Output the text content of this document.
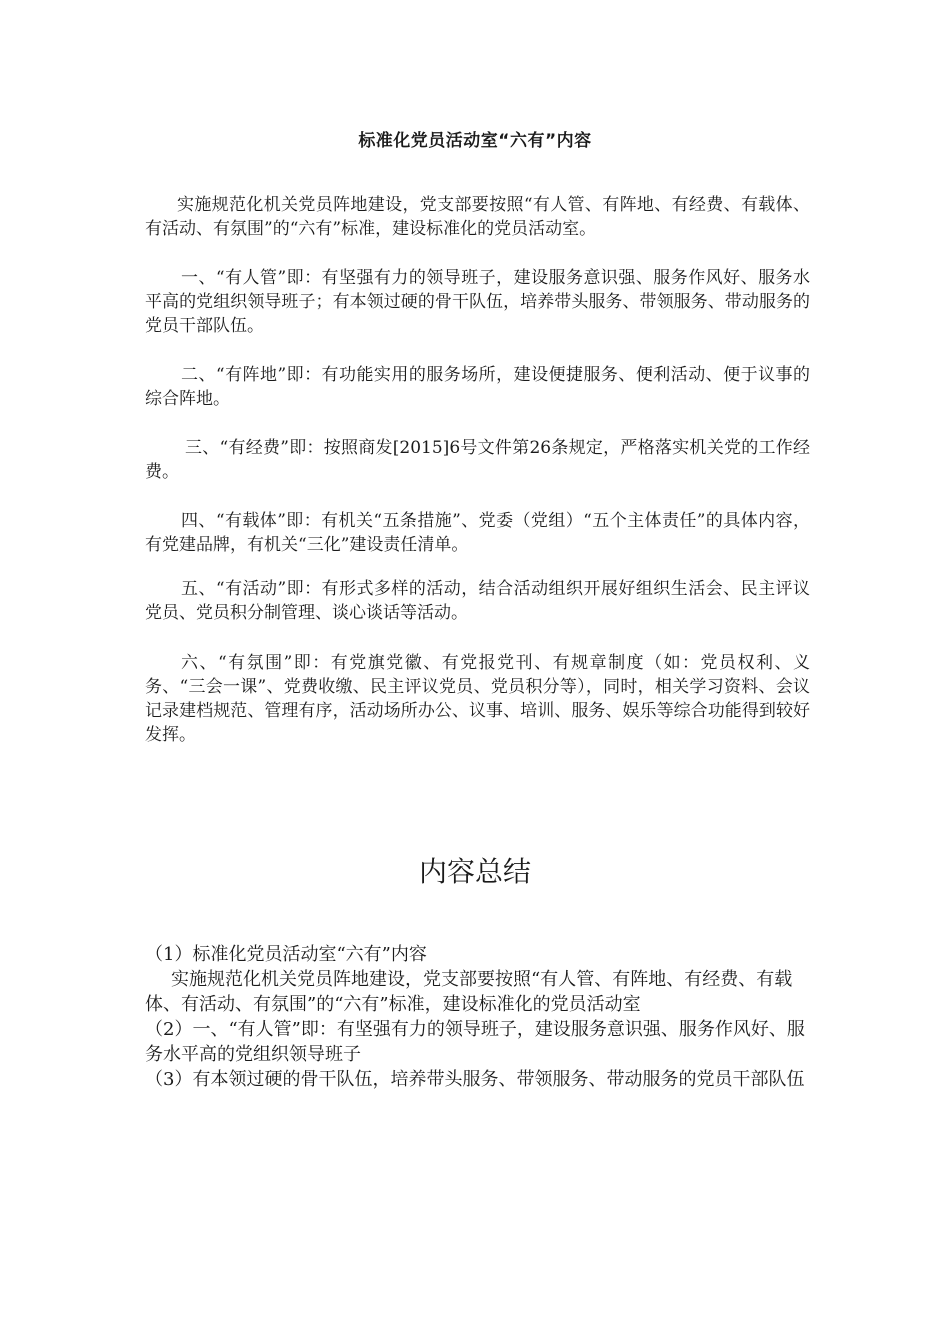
标准化党员活动室“六有”内容

实施规范化机关党员阵地建设，党支部要按照“有人管、有阵地、有经费、有载体、有活动、有氛围”的“六有”标准，建设标准化的党员活动室。

一、“有人管”即：有坚强有力的领导班子，建设服务意识强、服务作风好、服务水平高的党组织领导班子；有本领过硬的骨干队伍，培养带头服务、带领服务、带动服务的党员干部队伍。

二、“有阵地”即：有功能实用的服务场所，建设便捷服务、便利活动、便于议事的综合阵地。

三、“有经费”即：按照商发[2015]6号文件第26条规定，严格落实机关党的工作经费。

四、“有载体”即：有机关“五条措施”、党委（党组）“五个主体责任”的具体内容，有党建品牌，有机关“三化”建设责任清单。

五、“有活动”即：有形式多样的活动，结合活动组织开展好组织生活会、民主评议党员、党员积分制管理、谈心谈话等活动。

六、“有氛围”即：有党旗党徽、有党报党刊、有规章制度（如：党员权利、义务、“三会一课”、党费收缴、民主评议党员、党员积分等），同时，相关学习资料、会议记录建档规范、管理有序，活动场所办公、议事、培训、服务、娱乐等综合功能得到较好发挥。

内容总结

（1）标准化党员活动室“六有”内容

实施规范化机关党员阵地建设，党支部要按照“有人管、有阵地、有经费、有载体、有活动、有氛围”的“六有”标准，建设标准化的党员活动室

（2）一、“有人管”即：有坚强有力的领导班子，建设服务意识强、服务作风好、服务水平高的党组织领导班子

（3）有本领过硬的骨干队伍，培养带头服务、带领服务、带动服务的党员干部队伍
